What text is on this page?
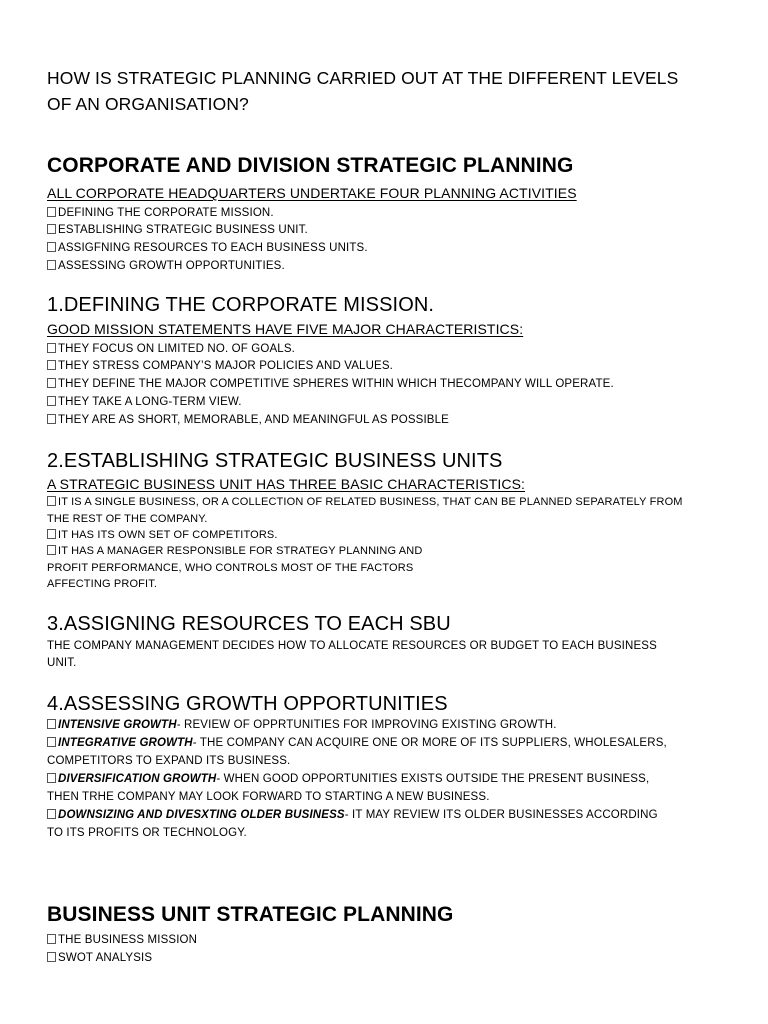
HOW IS STRATEGIC PLANNING CARRIED OUT AT THE DIFFERENT LEVELS
OF AN ORGANISATION?
CORPORATE AND DIVISION STRATEGIC PLANNING
ALL CORPORATE HEADQUARTERS UNDERTAKE FOUR PLANNING ACTIVITIES
DEFINING THE CORPORATE MISSION.
ESTABLISHING STRATEGIC BUSINESS UNIT.
ASSIGFNING RESOURCES TO EACH BUSINESS UNITS.
ASSESSING GROWTH OPPORTUNITIES.
1.DEFINING THE CORPORATE MISSION.
GOOD MISSION STATEMENTS HAVE FIVE MAJOR CHARACTERISTICS:
THEY FOCUS ON LIMITED NO. OF GOALS.
THEY STRESS COMPANY’S MAJOR POLICIES AND VALUES.
THEY DEFINE THE MAJOR COMPETITIVE SPHERES WITHIN WHICH THECOMPANY WILL OPERATE.
THEY TAKE A LONG-TERM VIEW.
THEY ARE AS SHORT, MEMORABLE, AND MEANINGFUL AS POSSIBLE
2.ESTABLISHING STRATEGIC BUSINESS UNITS
A STRATEGIC BUSINESS UNIT HAS THREE BASIC CHARACTERISTICS:
IT IS A SINGLE BUSINESS, OR A COLLECTION OF RELATED BUSINESS, THAT CAN BE PLANNED SEPARATELY FROM
THE REST OF THE COMPANY.
IT HAS ITS OWN SET OF COMPETITORS.
IT HAS A MANAGER RESPONSIBLE FOR STRATEGY PLANNING AND
PROFIT PERFORMANCE, WHO CONTROLS MOST OF THE FACTORS
AFFECTING PROFIT.
3.ASSIGNING RESOURCES TO EACH SBU
THE COMPANY MANAGEMENT DECIDES HOW TO ALLOCATE RESOURCES OR BUDGET TO EACH BUSINESS
UNIT.
4.ASSESSING GROWTH OPPORTUNITIES
INTENSIVE GROWTH- REVIEW OF OPPRTUNITIES FOR IMPROVING EXISTING GROWTH.
INTEGRATIVE GROWTH- THE COMPANY CAN ACQUIRE ONE OR MORE OF ITS SUPPLIERS, WHOLESALERS,
COMPETITORS TO EXPAND ITS BUSINESS.
DIVERSIFICATION GROWTH- WHEN GOOD OPPORTUNITIES EXISTS OUTSIDE THE PRESENT BUSINESS,
THEN TRHE COMPANY MAY LOOK FORWARD TO STARTING A NEW BUSINESS.
DOWNSIZING AND DIVESXTING OLDER BUSINESS- IT MAY REVIEW ITS OLDER BUSINESSES ACCORDING
TO ITS PROFITS OR TECHNOLOGY.
BUSINESS UNIT STRATEGIC PLANNING
THE BUSINESS MISSION
SWOT ANALYSIS
